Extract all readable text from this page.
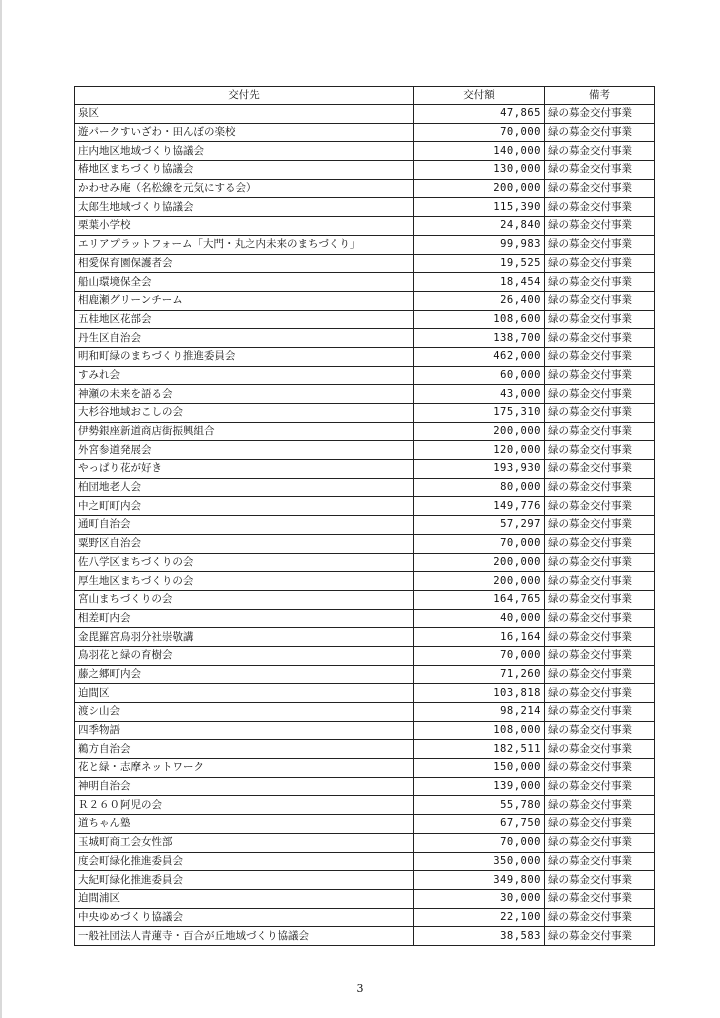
交付先	交付額	備考
泉区	47,865	緑の募金交付事業
遊パークすいざわ・田んぼの楽校	70,000	緑の募金交付事業
庄内地区地域づくり協議会	140,000	緑の募金交付事業
椿地区まちづくり協議会	130,000	緑の募金交付事業
かわせみ庵（名松線を元気にする会）	200,000	緑の募金交付事業
太郎生地域づくり協議会	115,390	緑の募金交付事業
栗葉小学校	24,840	緑の募金交付事業
エリアプラットフォーム「大門・丸之内未来のまちづくり」	99,983	緑の募金交付事業
相愛保育園保護者会	19,525	緑の募金交付事業
船山環境保全会	18,454	緑の募金交付事業
相鹿瀬グリーンチーム	26,400	緑の募金交付事業
五桂地区花部会	108,600	緑の募金交付事業
丹生区自治会	138,700	緑の募金交付事業
明和町緑のまちづくり推進委員会	462,000	緑の募金交付事業
すみれ会	60,000	緑の募金交付事業
神瀬の未来を語る会	43,000	緑の募金交付事業
大杉谷地域おこしの会	175,310	緑の募金交付事業
伊勢銀座新道商店街振興組合	200,000	緑の募金交付事業
外宮参道発展会	120,000	緑の募金交付事業
やっぱり花が好き	193,930	緑の募金交付事業
柏団地老人会	80,000	緑の募金交付事業
中之町町内会	149,776	緑の募金交付事業
通町自治会	57,297	緑の募金交付事業
粟野区自治会	70,000	緑の募金交付事業
佐八学区まちづくりの会	200,000	緑の募金交付事業
厚生地区まちづくりの会	200,000	緑の募金交付事業
宮山まちづくりの会	164,765	緑の募金交付事業
相差町内会	40,000	緑の募金交付事業
金毘羅宮鳥羽分社崇敬講	16,164	緑の募金交付事業
鳥羽花と緑の育樹会	70,000	緑の募金交付事業
藤之郷町内会	71,260	緑の募金交付事業
迫間区	103,818	緑の募金交付事業
渡シ山会	98,214	緑の募金交付事業
四季物語	108,000	緑の募金交付事業
鵜方自治会	182,511	緑の募金交付事業
花と緑・志摩ネットワーク	150,000	緑の募金交付事業
神明自治会	139,000	緑の募金交付事業
Ｒ２６０阿児の会	55,780	緑の募金交付事業
道ちゃん塾	67,750	緑の募金交付事業
玉城町商工会女性部	70,000	緑の募金交付事業
度会町緑化推進委員会	350,000	緑の募金交付事業
大紀町緑化推進委員会	349,800	緑の募金交付事業
迫間浦区	30,000	緑の募金交付事業
中央ゆめづくり協議会	22,100	緑の募金交付事業
一般社団法人青蓮寺・百合が丘地域づくり協議会	38,583	緑の募金交付事業
3
